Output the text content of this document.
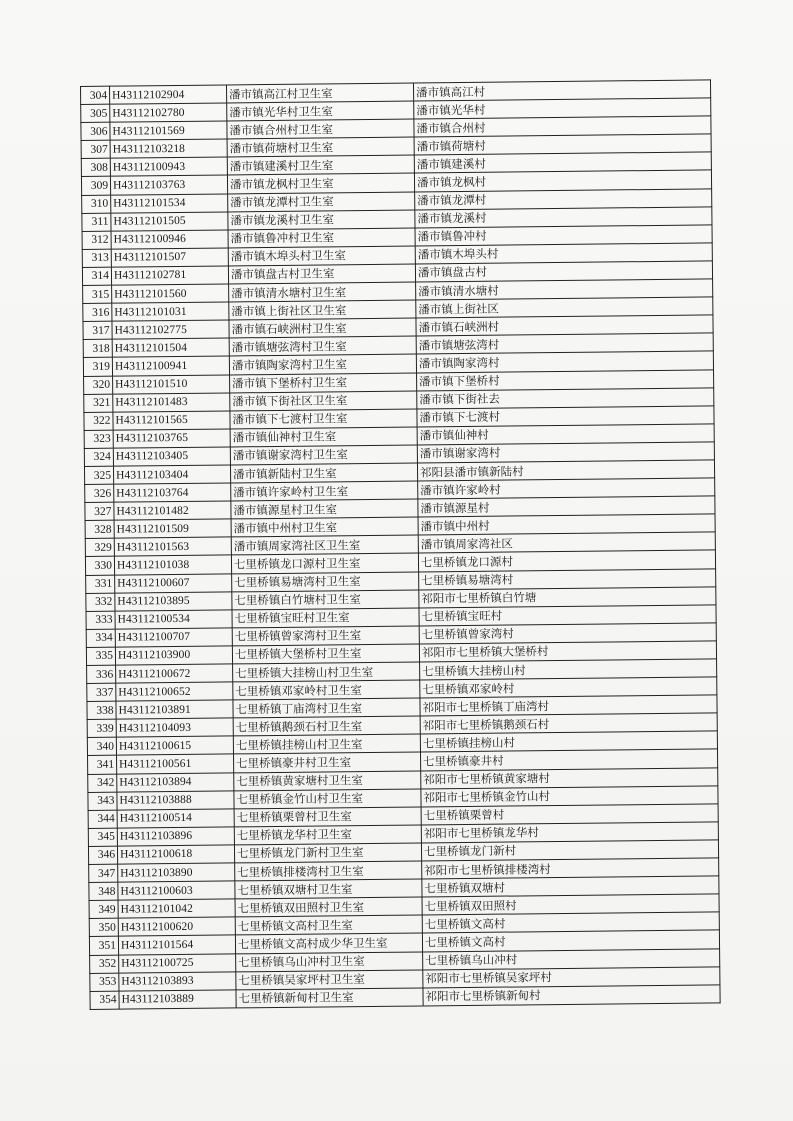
304	H43112102904	潘市镇高江村卫生室	潘市镇高江村
305	H43112102780	潘市镇光华村卫生室	潘市镇光华村
306	H43112101569	潘市镇合州村卫生室	潘市镇合州村
307	H43112103218	潘市镇荷塘村卫生室	潘市镇荷塘村
308	H43112100943	潘市镇建溪村卫生室	潘市镇建溪村
309	H43112103763	潘市镇龙枫村卫生室	潘市镇龙枫村
310	H43112101534	潘市镇龙潭村卫生室	潘市镇龙潭村
311	H43112101505	潘市镇龙溪村卫生室	潘市镇龙溪村
312	H43112100946	潘市镇鲁冲村卫生室	潘市镇鲁冲村
313	H43112101507	潘市镇木埠头村卫生室	潘市镇木埠头村
314	H43112102781	潘市镇盘古村卫生室	潘市镇盘古村
315	H43112101560	潘市镇清水塘村卫生室	潘市镇清水塘村
316	H43112101031	潘市镇上街社区卫生室	潘市镇上街社区
317	H43112102775	潘市镇石峡洲村卫生室	潘市镇石峡洲村
318	H43112101504	潘市镇塘弦湾村卫生室	潘市镇塘弦湾村
319	H43112100941	潘市镇陶家湾村卫生室	潘市镇陶家湾村
320	H43112101510	潘市镇下堡桥村卫生室	潘市镇下堡桥村
321	H43112101483	潘市镇下街社区卫生室	潘市镇下街社去
322	H43112101565	潘市镇下七渡村卫生室	潘市镇下七渡村
323	H43112103765	潘市镇仙神村卫生室	潘市镇仙神村
324	H43112103405	潘市镇谢家湾村卫生室	潘市镇谢家湾村
325	H43112103404	潘市镇新陆村卫生室	祁阳县潘市镇新陆村
326	H43112103764	潘市镇许家岭村卫生室	潘市镇许家岭村
327	H43112101482	潘市镇源星村卫生室	潘市镇源星村
328	H43112101509	潘市镇中州村卫生室	潘市镇中州村
329	H43112101563	潘市镇周家湾社区卫生室	潘市镇周家湾社区
330	H43112101038	七里桥镇龙口源村卫生室	七里桥镇龙口源村
331	H43112100607	七里桥镇易塘湾村卫生室	七里桥镇易塘湾村
332	H43112103895	七里桥镇白竹塘村卫生室	祁阳市七里桥镇白竹塘
333	H43112100534	七里桥镇宝旺村卫生室	七里桥镇宝旺村
334	H43112100707	七里桥镇曾家湾村卫生室	七里桥镇曾家湾村
335	H43112103900	七里桥镇大堡桥村卫生室	祁阳市七里桥镇大堡桥村
336	H43112100672	七里桥镇大挂榜山村卫生室	七里桥镇大挂榜山村
337	H43112100652	七里桥镇邓家岭村卫生室	七里桥镇邓家岭村
338	H43112103891	七里桥镇丁庙湾村卫生室	祁阳市七里桥镇丁庙湾村
339	H43112104093	七里桥镇鹅颈石村卫生室	祁阳市七里桥镇鹅颈石村
340	H43112100615	七里桥镇挂榜山村卫生室	七里桥镇挂榜山村
341	H43112100561	七里桥镇豪井村卫生室	七里桥镇豪井村
342	H43112103894	七里桥镇黄家塘村卫生室	祁阳市七里桥镇黄家塘村
343	H43112103888	七里桥镇金竹山村卫生室	祁阳市七里桥镇金竹山村
344	H43112100514	七里桥镇栗曾村卫生室	七里桥镇栗曾村
345	H43112103896	七里桥镇龙华村卫生室	祁阳市七里桥镇龙华村
346	H43112100618	七里桥镇龙门新村卫生室	七里桥镇龙门新村
347	H43112103890	七里桥镇排楼湾村卫生室	祁阳市七里桥镇排楼湾村
348	H43112100603	七里桥镇双塘村卫生室	七里桥镇双塘村
349	H43112101042	七里桥镇双田照村卫生室	七里桥镇双田照村
350	H43112100620	七里桥镇文高村卫生室	七里桥镇文高村
351	H43112101564	七里桥镇文高村成少华卫生室	七里桥镇文高村
352	H43112100725	七里桥镇乌山冲村卫生室	七里桥镇乌山冲村
353	H43112103893	七里桥镇吴家坪村卫生室	祁阳市七里桥镇吴家坪村
354	H43112103889	七里桥镇新甸村卫生室	祁阳市七里桥镇新甸村
